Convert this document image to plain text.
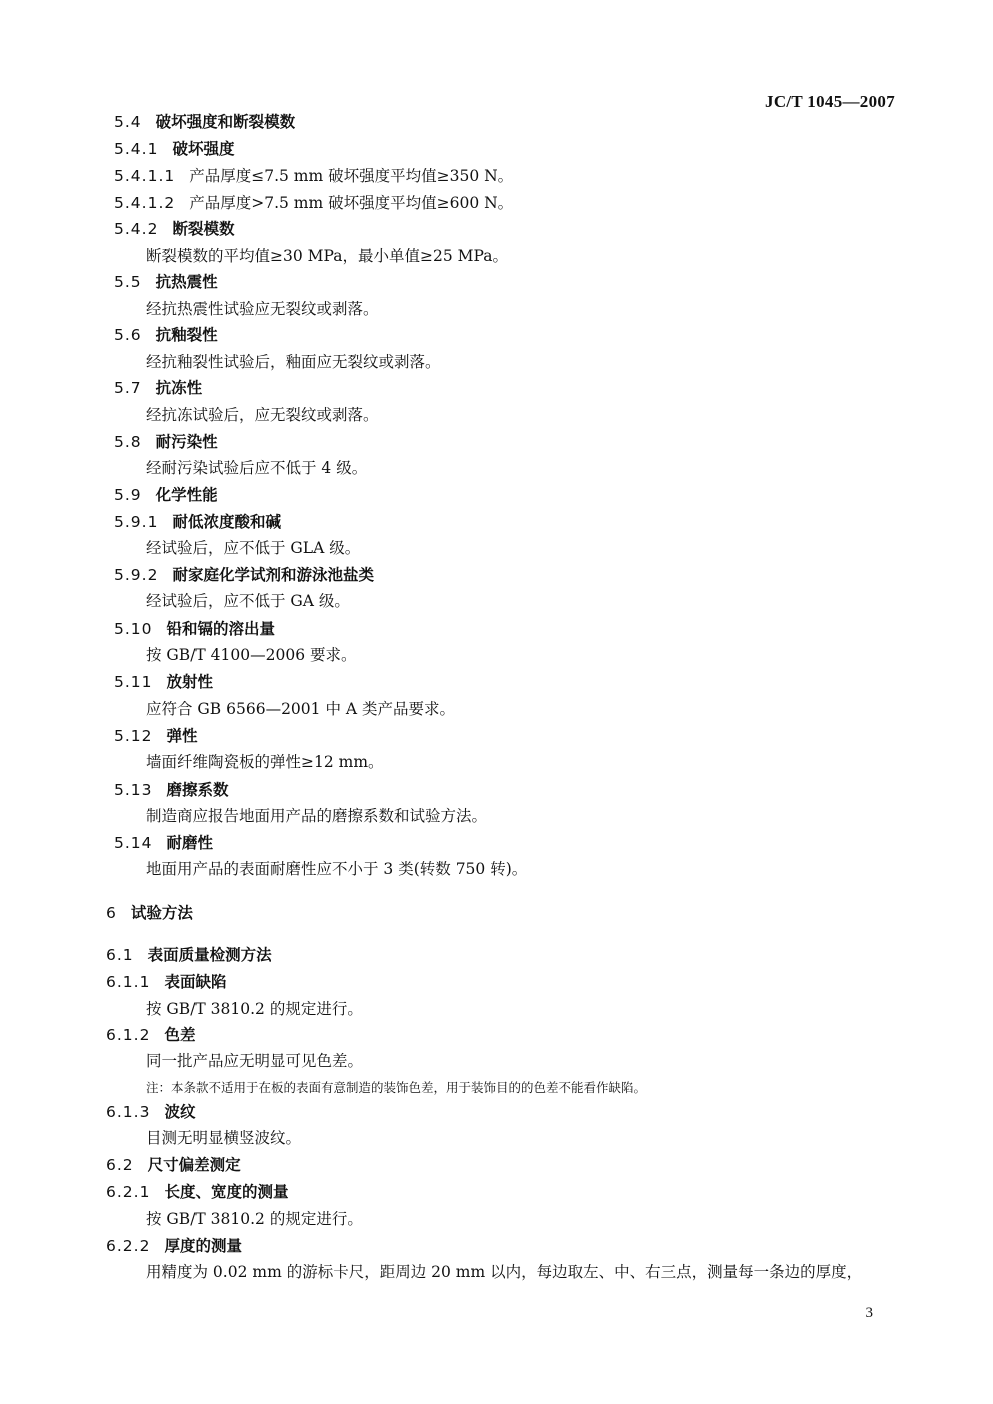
JC/T 1045—2007
5.4 破坏强度和断裂模数
5.4.1 破坏强度
5.4.1.1 产品厚度≤7.5 mm 破坏强度平均值≥350 N。
5.4.1.2 产品厚度>7.5 mm 破坏强度平均值≥600 N。
5.4.2 断裂模数
断裂模数的平均值≥30 MPa，最小单值≥25 MPa。
5.5 抗热震性
经抗热震性试验应无裂纹或剥落。
5.6 抗釉裂性
经抗釉裂性试验后，釉面应无裂纹或剥落。
5.7 抗冻性
经抗冻试验后，应无裂纹或剥落。
5.8 耐污染性
经耐污染试验后应不低于 4 级。
5.9 化学性能
5.9.1 耐低浓度酸和碱
经试验后，应不低于 GLA 级。
5.9.2 耐家庭化学试剂和游泳池盐类
经试验后，应不低于 GA 级。
5.10 铅和镉的溶出量
按 GB/T 4100—2006 要求。
5.11 放射性
应符合 GB 6566—2001 中 A 类产品要求。
5.12 弹性
墙面纤维陶瓷板的弹性≥12 mm。
5.13 磨擦系数
制造商应报告地面用产品的磨擦系数和试验方法。
5.14 耐磨性
地面用产品的表面耐磨性应不小于 3 类(转数 750 转)。
6 试验方法
6.1 表面质量检测方法
6.1.1 表面缺陷
按 GB/T 3810.2 的规定进行。
6.1.2 色差
同一批产品应无明显可见色差。
注：本条款不适用于在板的表面有意制造的装饰色差，用于装饰目的的色差不能看作缺陷。
6.1.3 波纹
目测无明显横竖波纹。
6.2 尺寸偏差测定
6.2.1 长度、宽度的测量
按 GB/T 3810.2 的规定进行。
6.2.2 厚度的测量
用精度为 0.02 mm 的游标卡尺，距周边 20 mm 以内，每边取左、中、右三点，测量每一条边的厚度，
3
